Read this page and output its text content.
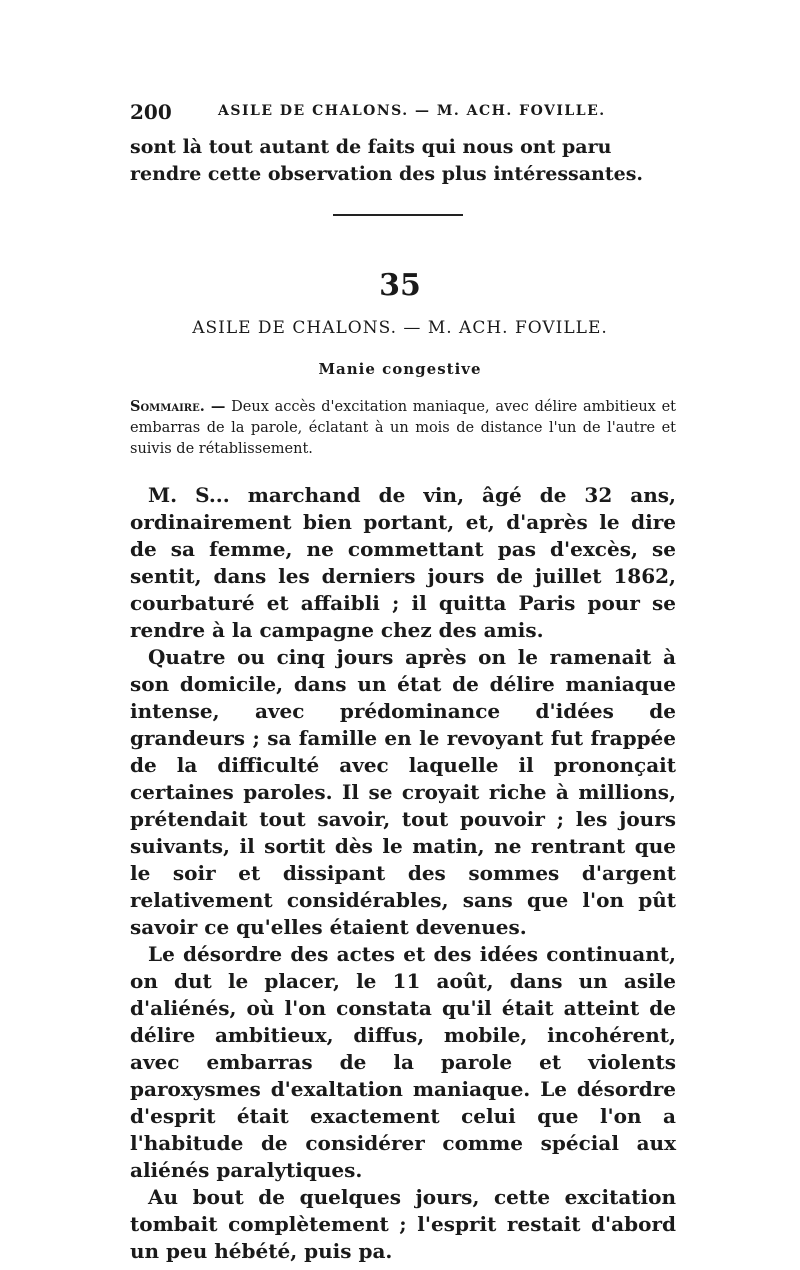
200	ASILE DE CHALONS. — M. ACH. FOVILLE.
sont là tout autant de faits qui nous ont paru rendre cette observation des plus intéressantes.
35
ASILE DE CHALONS. — M. ACH. FOVILLE.
Manie congestive
Sommaire. — Deux accès d'excitation maniaque, avec délire ambitieux et embarras de la parole, éclatant à un mois de distance l'un de l'autre et suivis de rétablissement.

M. S... marchand de vin, âgé de 32 ans, ordinairement bien portant, et, d'après le dire de sa femme, ne commettant pas d'excès, se sentit, dans les derniers jours de juillet 1862, courbaturé et affaibli ; il quitta Paris pour se rendre à la campagne chez des amis.

Quatre ou cinq jours après on le ramenait à son domicile, dans un état de délire maniaque intense, avec prédominance d'idées de grandeurs ; sa famille en le revoyant fut frappée de la difficulté avec laquelle il prononçait certaines paroles. Il se croyait riche à millions, prétendait tout savoir, tout pouvoir ; les jours suivants, il sortit dès le matin, ne rentrant que le soir et dissipant des sommes d'argent relativement considérables, sans que l'on pût savoir ce qu'elles étaient devenues.

Le désordre des actes et des idées continuant, on dut le placer, le 11 août, dans un asile d'aliénés, où l'on constata qu'il était atteint de délire ambitieux, diffus, mobile, incohérent, avec embarras de la parole et violents paroxysmes d'exaltation maniaque. Le désordre d'esprit était exactement celui que l'on a l'habitude de considérer comme spécial aux aliénés paralytiques.

Au bout de quelques jours, cette excitation tombait complètement ; l'esprit restait d'abord un peu hébété, puis pa.
